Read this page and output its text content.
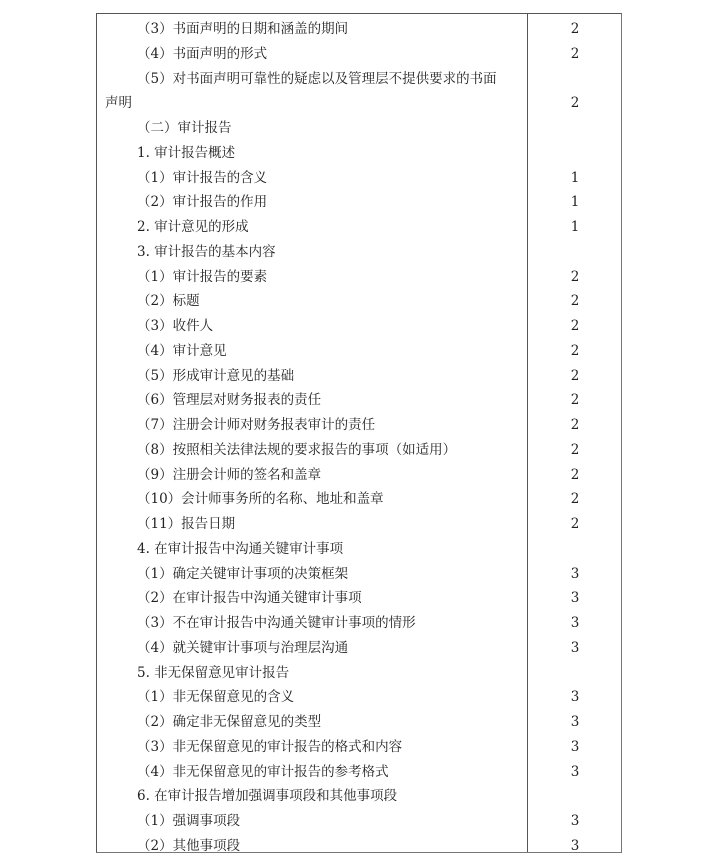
（3）书面声明的日期和涵盖的期间	2
（4）书面声明的形式	2
（5）对书面声明可靠性的疑虑以及管理层不提供要求的书面
声明	2
（二）审计报告
1. 审计报告概述
（1）审计报告的含义	1
（2）审计报告的作用	1
2. 审计意见的形成	1
3. 审计报告的基本内容
（1）审计报告的要素	2
（2）标题	2
（3）收件人	2
（4）审计意见	2
（5）形成审计意见的基础	2
（6）管理层对财务报表的责任	2
（7）注册会计师对财务报表审计的责任	2
（8）按照相关法律法规的要求报告的事项（如适用）	2
（9）注册会计师的签名和盖章	2
（10）会计师事务所的名称、地址和盖章	2
（11）报告日期	2
4. 在审计报告中沟通关键审计事项
（1）确定关键审计事项的决策框架	3
（2）在审计报告中沟通关键审计事项	3
（3）不在审计报告中沟通关键审计事项的情形	3
（4）就关键审计事项与治理层沟通	3
5. 非无保留意见审计报告
（1）非无保留意见的含义	3
（2）确定非无保留意见的类型	3
（3）非无保留意见的审计报告的格式和内容	3
（4）非无保留意见的审计报告的参考格式	3
6. 在审计报告增加强调事项段和其他事项段
（1）强调事项段	3
（2）其他事项段	3
